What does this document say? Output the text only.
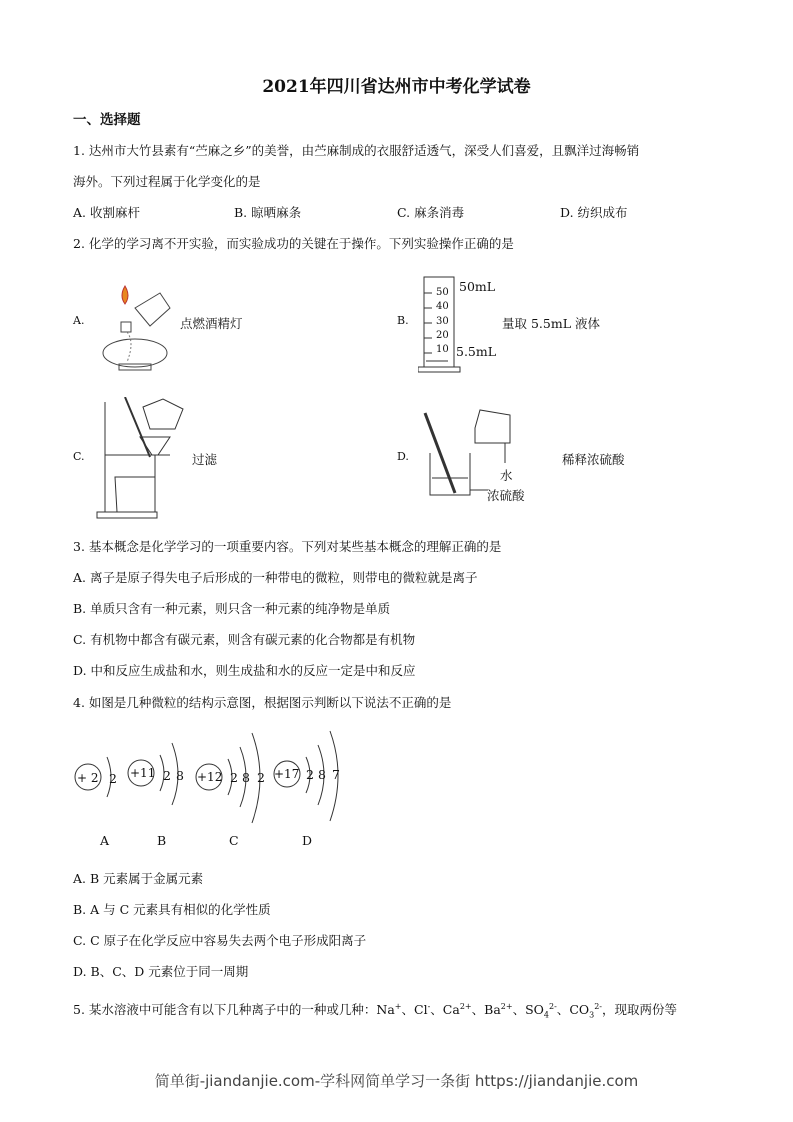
2021年四川省达州市中考化学试卷
一、选择题
1. 达州市大竹县素有“苎麻之乡”的美誉，由苎麻制成的衣服舒适透气，深受人们喜爱，且飘洋过海畅销
海外。下列过程属于化学变化的是
A. 收割麻杆	B. 晾晒麻条	C. 麻条消毒	D. 纺织成布
2. 化学的学习离不开实验，而实验成功的关键在于操作。下列实验操作正确的是
A.	点燃酒精灯	B.
50
40
30
20
10
50mL
5.5mL
量取 5.5mL 液体
C.	过滤	D.
水
浓硫酸
稀释浓硫酸
3. 基本概念是化学学习的一项重要内容。下列对某些基本概念的理解正确的是
A. 离子是原子得失电子后形成的一种带电的微粒，则带电的微粒就是离子
B. 单质只含有一种元素，则只含一种元素的纯净物是单质
C. 有机物中都含有碳元素，则含有碳元素的化合物都是有机物
D. 中和反应生成盐和水，则生成盐和水的反应一定是中和反应
4. 如图是几种微粒的结构示意图，根据图示判断以下说法不正确的是
+ 2 2 +11 2 8 +12 2 8 2 +17 2 8 7
A	B	C	D
A. B 元素属于金属元素
B. A 与 C 元素具有相似的化学性质
C. C 原子在化学反应中容易失去两个电子形成阳离子
D. B、C、D 元素位于同一周期
5. 某水溶液中可能含有以下几种离子中的一种或几种：Na+、Cl-、$Ca^{2+}$、$Ba^{2+}$、$SO_4^{2-}$、$CO_3^{2-}$，现取两份等
简单街-jiandanjie.com-学科网简单学习一条街 https://jiandanjie.com
